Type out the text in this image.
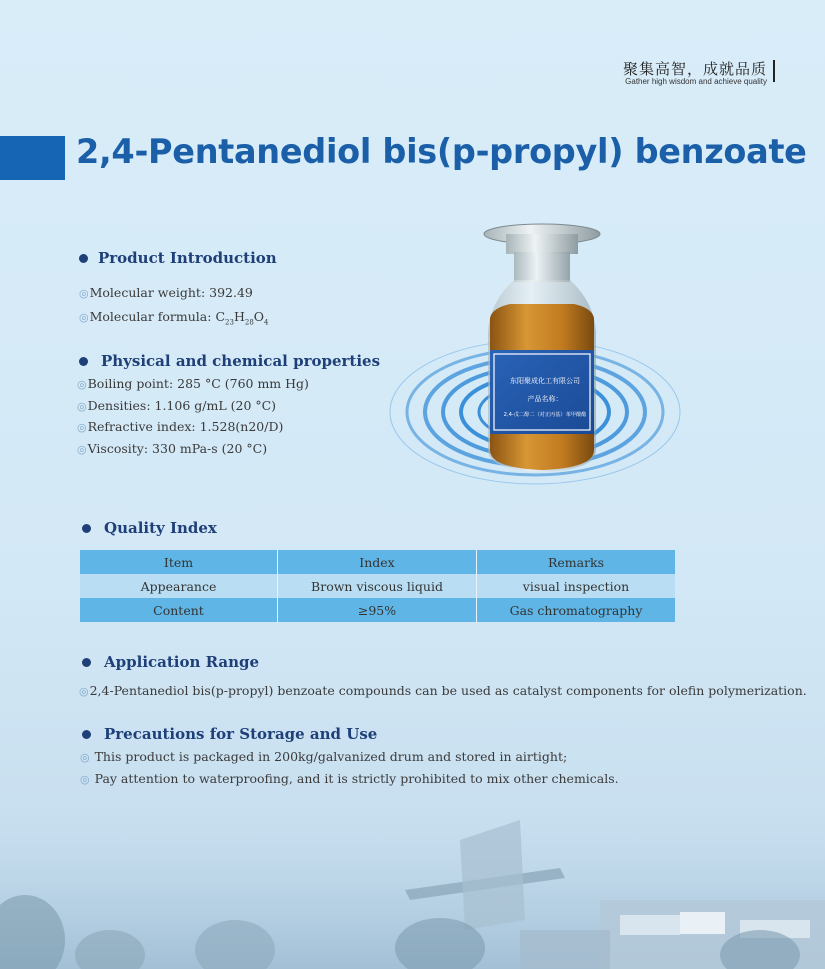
聚集高智，成就品质
Gather high wisdom and achieve quality
2,4-Pentanediol bis(p-propyl) benzoate
Product Introduction
◎Molecular weight: 392.49
◎Molecular formula: $C_{23}H_{28}O_4$
Physical and chemical properties
◎Boiling point: 285 °C (760 mm Hg)
◎Densities: 1.106 g/mL (20 °C)
◎Refractive index: 1.528(n20/D)
◎Viscosity: 330 mPa-s (20 °C)
东阳聚成化工有限公司
产品名称：
2,4-戊二醇二（对正丙基）苯甲酸酯
Quality Index
Item	Index	Remarks
Appearance	Brown viscous liquid	visual inspection
Content	≥95%	Gas chromatography
Application Range
◎2,4-Pentanediol bis(p-propyl) benzoate compounds can be used as catalyst components for olefin polymerization.
Precautions for Storage and Use
◎ This product is packaged in 200kg/galvanized drum and stored in airtight;
◎ Pay attention to waterproofing, and it is strictly prohibited to mix other chemicals.
